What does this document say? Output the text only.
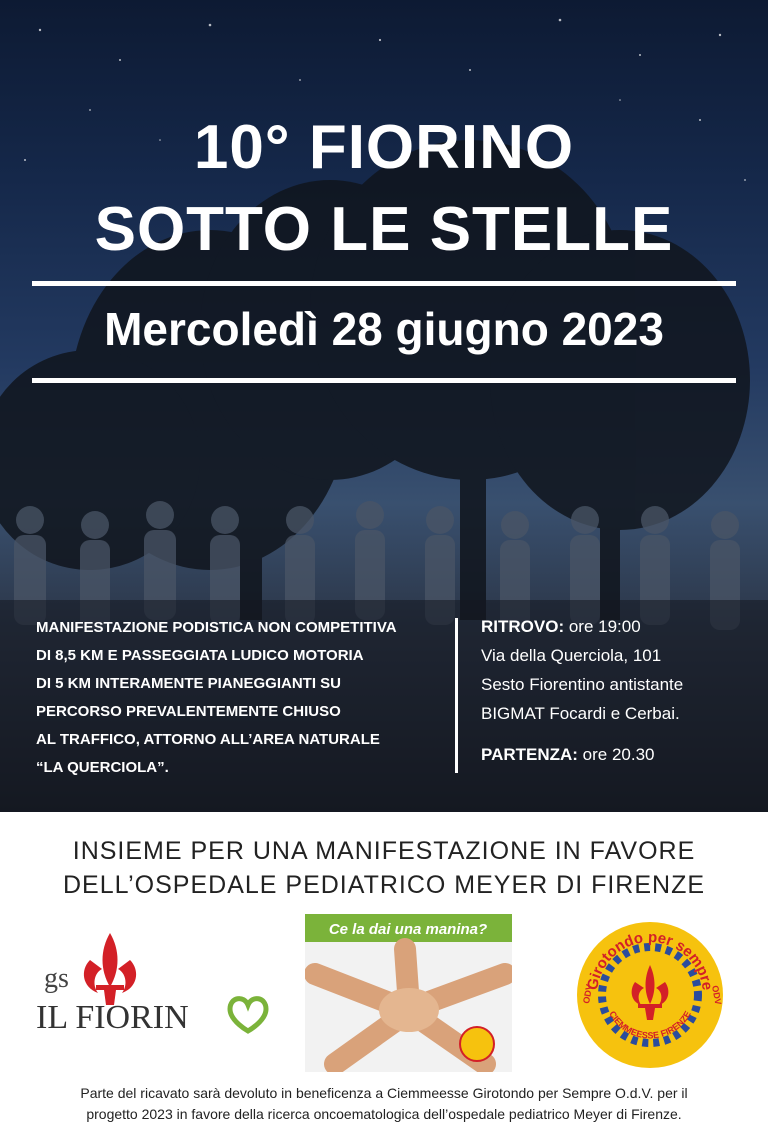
10° FIORINO
SOTTO LE STELLE
Mercoledì 28 giugno 2023
MANIFESTAZIONE PODISTICA NON COMPETITIVA
DI 8,5 KM E PASSEGGIATA LUDICO MOTORIA
DI 5 KM INTERAMENTE PIANEGGIANTI SU
PERCORSO PREVALENTEMENTE CHIUSO
AL TRAFFICO, ATTORNO ALL’AREA NATURALE
“LA QUERCIOLA”.
RITROVO: ore 19:00
Via della Querciola, 101
Sesto Fiorentino antistante
BIGMAT Focardi e Cerbai.
PARTENZA: ore 20.30
INSIEME PER UNA MANIFESTAZIONE IN FAVORE
DELL’OSPEDALE PEDIATRICO MEYER DI FIRENZE
gs
IL FIORIN
Ce la dai una manina?
Girotondo per sempre
CIEMMEESSE FIRENZE
ODV	ODV
Parte del ricavato sarà devoluto in beneficenza a Ciemmeesse Girotondo per Sempre O.d.V. per il
progetto 2023 in favore della ricerca oncoematologica dell’ospedale pediatrico Meyer di Firenze.
